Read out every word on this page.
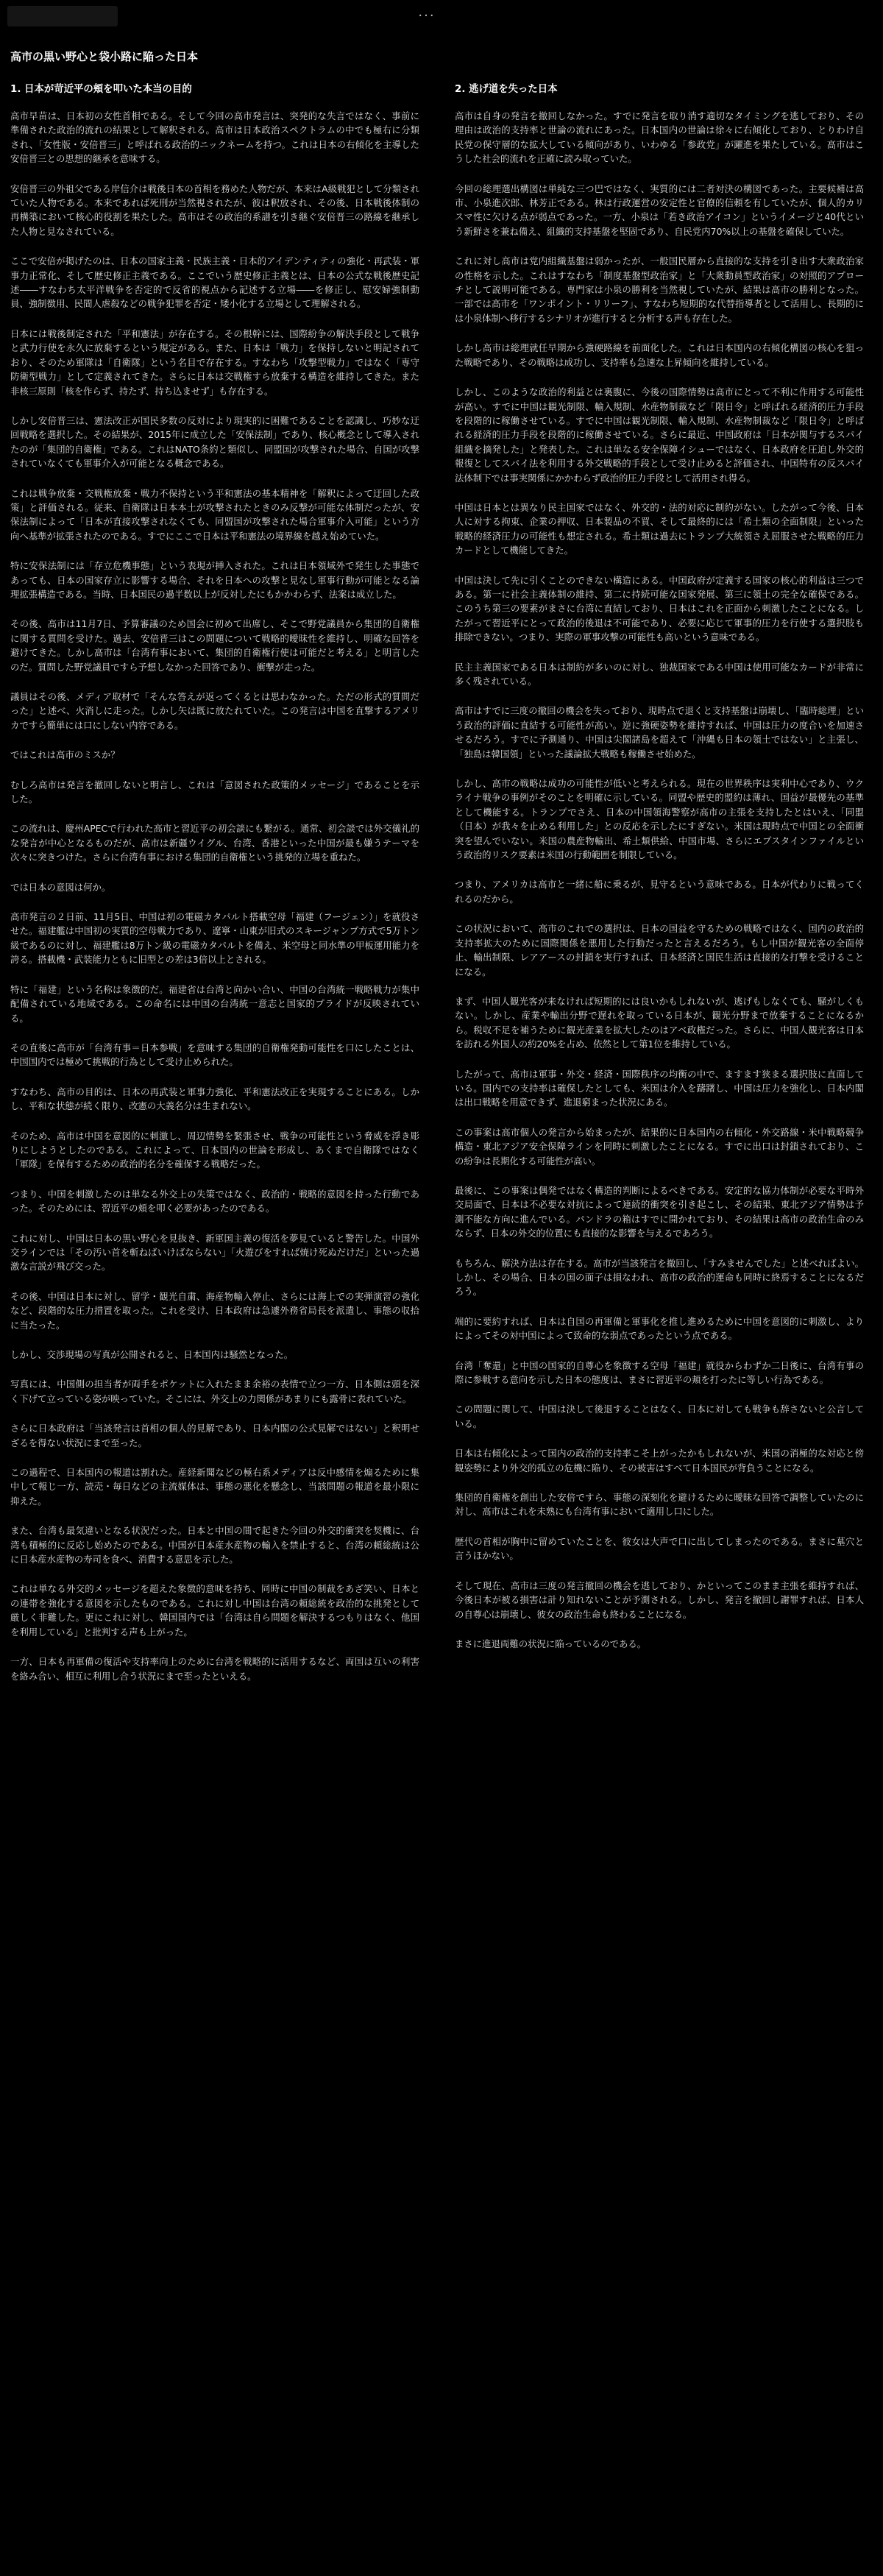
...
高市の黒い野心と袋小路に陥った日本
1. 日本が苛近平の頬を叩いた本当の目的

高市早苗は、日本初の女性首相である。そして今回の高市発言は、突発的な失言ではなく、事前に準備された政治的流れの結果として解釈される。高市は日本政治スペクトラムの中でも極右に分類され、「女性版・安倍晋三」と呼ばれる政治的ニックネームを持つ。これは日本の右傾化を主導した安倍晋三との思想的継承を意味する。

安倍晋三の外祖父である岸信介は戦後日本の首相を務めた人物だが、本来はA級戦犯として分類されていた人物である。本来であれば死刑が当然視されたが、彼は釈放され、その後、日本戦後体制の再構築において核心的役割を果たした。高市はその政治的系譜を引き継ぐ安倍晋三の路線を継承した人物と見なされている。

ここで安倍が掲げたのは、日本の国家主義・民族主義・日本的アイデンティティの強化・再武装・軍事力正常化、そして歴史修正主義である。ここでいう歴史修正主義とは、日本の公式な戦後歴史記述――すなわち太平洋戦争を否定的で反省的視点から記述する立場――を修正し、慰安婦強制動員、強制徴用、民間人虐殺などの戦争犯罪を否定・矮小化する立場として理解される。

日本には戦後制定された「平和憲法」が存在する。その根幹には、国際紛争の解決手段として戦争と武力行使を永久に放棄するという規定がある。また、日本は「戦力」を保持しないと明記されており、そのため軍隊は「自衛隊」という名目で存在する。すなわち「攻撃型戦力」ではなく「専守防衛型戦力」として定義されてきた。さらに日本は交戦権すら放棄する構造を維持してきた。また非核三原則「核を作らず、持たず、持ち込ませず」も存在する。

しかし安倍晋三は、憲法改正が国民多数の反対により現実的に困難であることを認識し、巧妙な迂回戦略を選択した。その結果が、2015年に成立した「安保法制」であり、核心概念として導入されたのが「集団的自衛権」である。これはNATO条約と類似し、同盟国が攻撃された場合、自国が攻撃されていなくても軍事介入が可能となる概念である。

これは戦争放棄・交戦権放棄・戦力不保持という平和憲法の基本精神を「解釈によって迂回した政策」と評価される。従来、自衛隊は日本本土が攻撃されたときのみ反撃が可能な体制だったが、安保法制によって「日本が直接攻撃されなくても、同盟国が攻撃された場合軍事介入可能」という方向へ基準が拡張されたのである。すでにここで日本は平和憲法の境界線を越え始めていた。

特に安保法制には「存立危機事態」という表現が挿入された。これは日本領域外で発生した事態であっても、日本の国家存立に影響する場合、それを日本への攻撃と見なし軍事行動が可能となる論理拡張構造である。当時、日本国民の過半数以上が反対したにもかかわらず、法案は成立した。

その後、高市は11月7日、予算審議のため国会に初めて出席し、そこで野党議員から集団的自衛権に関する質問を受けた。過去、安倍晋三はこの問題について戦略的曖昧性を維持し、明確な回答を避けてきた。しかし高市は「台湾有事において、集団的自衛権行使は可能だと考える」と明言したのだ。質問した野党議員ですら予想しなかった回答であり、衝撃が走った。

議員はその後、メディア取材で「そんな答えが返ってくるとは思わなかった。ただの形式的質問だった」と述べ、火消しに走った。しかし矢は既に放たれていた。この発言は中国を直撃するアメリカですら簡単には口にしない内容である。

ではこれは高市のミスか？

むしろ高市は発言を撤回しないと明言し、これは「意図された政策的メッセージ」であることを示した。

この流れは、慶州APECで行われた高市と習近平の初会談にも繋がる。通常、初会談では外交儀礼的な発言が中心となるものだが、高市は新疆ウイグル、台湾、香港といった中国が最も嫌うテーマを次々に突きつけた。さらに台湾有事における集団的自衛権という挑発的立場を重ねた。

では日本の意図は何か。

高市発言の２日前、11月5日、中国は初の電磁カタパルト搭載空母「福建（フージェン）」を就役させた。福建艦は中国初の実質的空母戦力であり、遼寧・山東が旧式のスキージャンプ方式で5万トン級であるのに対し、福建艦は8万トン級の電磁カタパルトを備え、米空母と同水準の甲板運用能力を誇る。搭載機・武装能力ともに旧型との差は3倍以上とされる。

特に「福建」という名称は象徴的だ。福建省は台湾と向かい合い、中国の台湾統一戦略戦力が集中配備されている地域である。この命名には中国の台湾統一意志と国家的プライドが反映されている。

その直後に高市が「台湾有事＝日本参戦」を意味する集団的自衛権発動可能性を口にしたことは、中国国内では極めて挑戦的行為として受け止められた。

すなわち、高市の目的は、日本の再武装と軍事力強化、平和憲法改正を実現することにある。しかし、平和な状態が続く限り、改憲の大義名分は生まれない。

そのため、高市は中国を意図的に刺激し、周辺情勢を緊張させ、戦争の可能性という脅威を浮き彫りにしようとしたのである。これによって、日本国内の世論を形成し、あくまで自衛隊ではなく「軍隊」を保有するための政治的名分を確保する戦略だった。

つまり、中国を刺激したのは単なる外交上の失策ではなく、政治的・戦略的意図を持った行動であった。そのためには、習近平の頬を叩く必要があったのである。

これに対し、中国は日本の黒い野心を見抜き、新軍国主義の復活を夢見ていると警告した。中国外交ラインでは「その汚い首を斬ねばいけばならない」「火遊びをすれば焼け死ぬだけだ」といった過激な言説が飛び交った。

その後、中国は日本に対し、留学・観光自粛、海産物輸入停止、さらには海上での実弾演習の強化など、段階的な圧力措置を取った。これを受け、日本政府は急遽外務省局長を派遣し、事態の収拾に当たった。

しかし、交渉現場の写真が公開されると、日本国内は騒然となった。

写真には、中国側の担当者が両手をポケットに入れたまま余裕の表情で立つ一方、日本側は頭を深く下げて立っている姿が映っていた。そこには、外交上の力関係があまりにも露骨に表れていた。

さらに日本政府は「当該発言は首相の個人的見解であり、日本内閣の公式見解ではない」と釈明せざるを得ない状況にまで至った。

この過程で、日本国内の報道は割れた。産経新聞などの極右系メディアは反中感情を煽るために集中して報じ一方、読売・毎日などの主流媒体は、事態の悪化を懸念し、当該問題の報道を最小限に抑えた。

また、台湾も最気違いとなる状況だった。日本と中国の間で起きた今回の外交的衝突を契機に、台湾も積極的に反応し始めたのである。中国が日本産水産物の輸入を禁止すると、台湾の頼総統は公に日本産水産物の寿司を食べ、消費する意思を示した。

これは単なる外交的メッセージを超えた象徴的意味を持ち、同時に中国の制裁をあざ笑い、日本との連帯を強化する意図を示したものである。これに対し中国は台湾の頼総統を政治的な挑発として厳しく非難した。更にこれに対し、韓国国内では「台湾は自ら問題を解決するつもりはなく、他国を利用している」と批判する声も上がった。

一方、日本も再軍備の復活や支持率向上のために台湾を戦略的に活用するなど、両国は互いの利害を絡み合い、相互に利用し合う状況にまで至ったといえる。

2. 逃げ道を失った日本

高市は自身の発言を撤回しなかった。すでに発言を取り消す適切なタイミングを逃しており、その理由は政治的支持率と世論の流れにあった。日本国内の世論は徐々に右傾化しており、とりわけ自民党の保守層的な拡大している傾向があり、いわゆる「参政党」が躍進を果たしている。高市はこうした社会的流れを正確に読み取っていた。

今回の総理選出構図は単純な三つ巴ではなく、実質的には二者対決の構図であった。主要候補は高市、小泉進次郎、林芳正である。林は行政運営の安定性と官僚的信頼を有していたが、個人的カリスマ性に欠ける点が弱点であった。一方、小泉は「若き政治アイコン」というイメージと40代という新鮮さを兼ね備え、組織的支持基盤を堅固であり、自民党内70%以上の基盤を確保していた。

これに対し高市は党内組織基盤は弱かったが、一般国民層から直接的な支持を引き出す大衆政治家の性格を示した。これはすなわち「制度基盤型政治家」と「大衆動員型政治家」の対照的アプローチとして説明可能である。専門家は小泉の勝利を当然視していたが、結果は高市の勝利となった。一部では高市を「ワンポイント・リリーフ」、すなわち短期的な代替指導者として活用し、長期的には小泉体制へ移行するシナリオが進行すると分析する声も存在した。

しかし高市は総理就任早期から強硬路線を前面化した。これは日本国内の右傾化構図の核心を狙った戦略であり、その戦略は成功し、支持率も急速な上昇傾向を維持している。

しかし、このような政治的利益とは裏腹に、今後の国際情勢は高市にとって不利に作用する可能性が高い。すでに中国は観光制限、輸入規制、水産物制裁など「限日令」と呼ばれる経済的圧力手段を段階的に稼働させている。すでに中国は観光制限、輸入規制、水産物制裁など「限日令」と呼ばれる経済的圧力手段を段階的に稼働させている。さらに最近、中国政府は「日本が関与するスパイ組織を摘発した」と発表した。これは単なる安全保障イシューではなく、日本政府を圧迫し外交的報復としてスパイ法を利用する外交戦略的手段として受け止めると評価され、中国特有の反スパイ法体制下では事実関係にかかわらず政治的圧力手段として活用され得る。

中国は日本とは異なり民主国家ではなく、外交的・法的対応に制約がない。したがって今後、日本人に対する拘束、企業の押収、日本製品の不買、そして最終的には「希土類の全面制限」といった戦略的経済圧力の可能性も想定される。希土類は過去にトランプ大統領さえ屈服させた戦略的圧力カードとして機能してきた。

中国は決して先に引くことのできない構造にある。中国政府が定義する国家の核心的利益は三つである。第一に社会主義体制の維持、第二に持続可能な国家発展、第三に領土の完全な確保である。このうち第三の要素がまさに台湾に直結しており、日本はこれを正面から刺激したことになる。したがって習近平にとって政治的後退は不可能であり、必要に応じて軍事的圧力を行使する選択肢も排除できない。つまり、実際の軍事攻撃の可能性も高いという意味である。

民主主義国家である日本は制約が多いのに対し、独裁国家である中国は使用可能なカードが非常に多く残されている。

高市はすでに三度の撤回の機会を失っており、現時点で退くと支持基盤は崩壊し、「臨時総理」という政治的評価に直結する可能性が高い。逆に強硬姿勢を維持すれば、中国は圧力の度合いを加速させるだろう。すでに予測通り、中国は尖閣諸島を超えて「沖縄も日本の領土ではない」と主張し、「独島は韓国領」といった議論拡大戦略も稼働させ始めた。

しかし、高市の戦略は成功の可能性が低いと考えられる。現在の世界秩序は実利中心であり、ウクライナ戦争の事例がそのことを明確に示している。同盟や歴史的盟約は薄れ、国益が最優先の基準として機能する。トランプでさえ、日本の中国領海警察が高市の主張を支持したとはいえ、「同盟（日本）が我々を止める利用した」との反応を示したにすぎない。米国は現時点で中国との全面衝突を望んでいない。米国の農産物輸出、希土類供給、中国市場、さらにエプスタインファイルという政治的リスク要素は米国の行動範囲を制限している。

つまり、アメリカは高市と一緒に船に乗るが、見守るという意味である。日本が代わりに戦ってくれるのだから。

この状況において、高市のこれでの選択は、日本の国益を守るための戦略ではなく、国内の政治的支持率拡大のために国際関係を悪用した行動だったと言えるだろう。もし中国が観光客の全面停止、輸出制限、レアアースの封鎖を実行すれば、日本経済と国民生活は直接的な打撃を受けることになる。

まず、中国人観光客が来なければ短期的には良いかもしれないが、逃げもしなくても、騒がしくもない。しかし、産業や輸出分野で遅れを取っている日本が、観光分野まで放棄することになるから。税収不足を補うために観光産業を拡大したのはアベ政権だった。さらに、中国人観光客は日本を訪れる外国人の約20%を占め、依然として第1位を維持している。

したがって、高市は軍事・外交・経済・国際秩序の均衡の中で、ますます狭まる選択肢に直面している。国内での支持率は確保したとしても、米国は介入を躊躇し、中国は圧力を強化し、日本内閣は出口戦略を用意できず、進退窮まった状況にある。

この事案は高市個人の発言から始まったが、結果的に日本国内の右傾化・外交路線・米中戦略競争構造・東北アジア安全保障ラインを同時に刺激したことになる。すでに出口は封鎖されており、この紛争は長期化する可能性が高い。

最後に、この事案は偶発ではなく構造的判断によるべきである。安定的な協力体制が必要な平時外交局面で、日本は不必要な対抗によって連続的衝突を引き起こし、その結果、東北アジア情勢は予測不能な方向に進んでいる。パンドラの箱はすでに開かれており、その結果は高市の政治生命のみならず、日本の外交的位置にも直接的な影響を与えるであろう。

もちろん、解決方法は存在する。高市が当該発言を撤回し、「すみませんでした」と述べればよい。しかし、その場合、日本の国の面子は損なわれ、高市の政治的運命も同時に終焉することになるだろう。

端的に要約すれば、日本は自国の再軍備と軍事化を推し進めるために中国を意図的に刺激し、よりによってその対中国によって致命的な弱点であったという点である。

台湾「奪還」と中国の国家的自尊心を象徴する空母「福建」就役からわずか二日後に、台湾有事の際に参戦する意向を示した日本の態度は、まさに習近平の頬を打ったに等しい行為である。

この問題に関して、中国は決して後退することはなく、日本に対しても戦争も辞さないと公言している。

日本は右傾化によって国内の政治的支持率こそ上がったかもしれないが、米国の消極的な対応と傍観姿勢により外交的孤立の危機に陥り、その被害はすべて日本国民が背負うことになる。

集団的自衛権を創出した安倍ですら、事態の深刻化を避けるために曖昧な回答で調整していたのに対し、高市はこれを未熟にも台湾有事において適用し口にした。

歴代の首相が胸中に留めていたことを、彼女は大声で口に出してしまったのである。まさに墓穴と言うほかない。

そして現在、高市は三度の発言撤回の機会を逃しており、かといってこのまま主張を維持すれば、今後日本が被る損害は計り知れないことが予測される。しかし、発言を撤回し謝罪すれば、日本人の自尊心は崩壊し、彼女の政治生命も終わることになる。

まさに進退両難の状況に陥っているのである。
